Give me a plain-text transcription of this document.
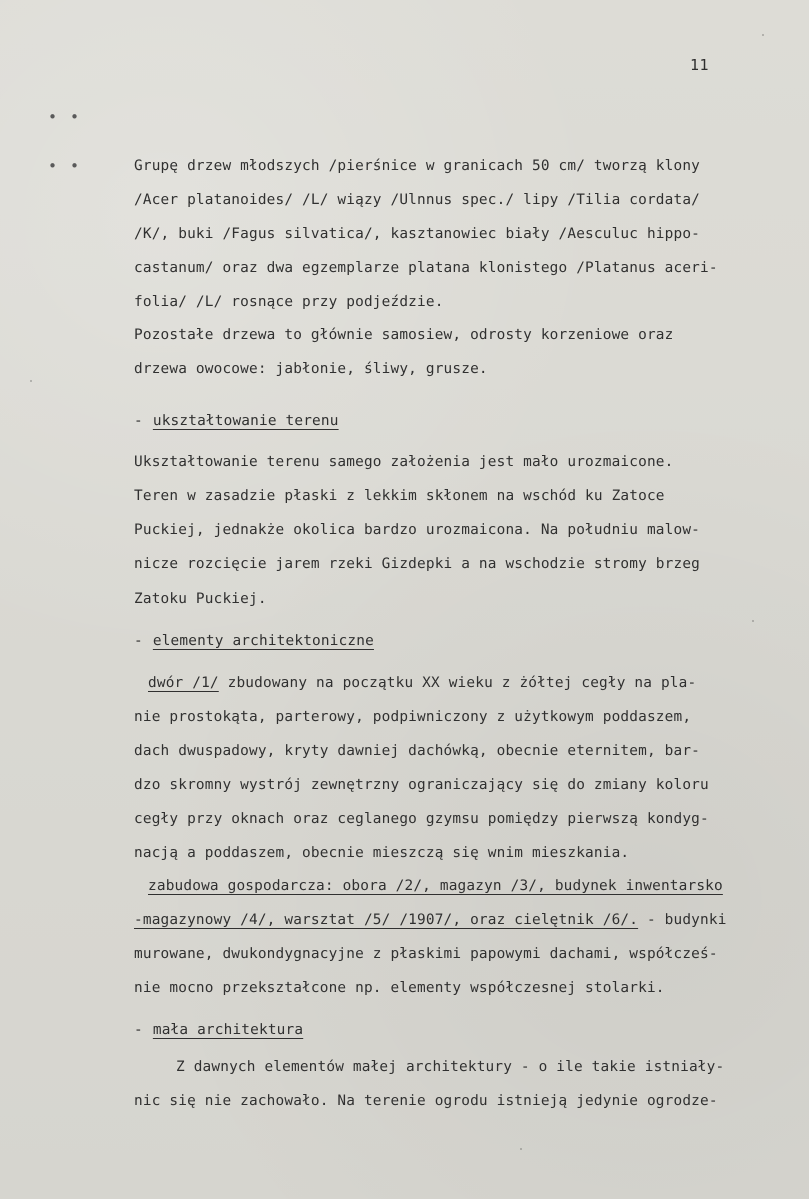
11
• •
• •	Grupę drzew młodszych /pierśnice w granicach 50 cm/ tworzą klony

/Acer platanoides/ /L/ wiązy /Ulnnus spec./ lipy /Tilia cordata/

/K/, buki /Fagus silvatica/, kasztanowiec biały /Aesculuc hippo-

castanum/ oraz dwa egzemplarze platana klonistego /Platanus aceri-

folia/ /L/ rosnące przy podjeździe.

Pozostałe drzewa to głównie samosiew, odrosty korzeniowe oraz

drzewa owocowe: jabłonie, śliwy, grusze.

- ukształtowanie terenu

Ukształtowanie terenu samego założenia jest mało urozmaicone.

Teren w zasadzie płaski z lekkim skłonem na wschód ku Zatoce

Puckiej, jednakże okolica bardzo urozmaicona. Na południu malow-

nicze rozcięcie jarem rzeki Gizdepki a na wschodzie stromy brzeg

Zatoku Puckiej.

- elementy architektoniczne

dwór /1/ zbudowany na początku XX wieku z żółtej cegły na pla-

nie prostokąta, parterowy, podpiwniczony z użytkowym poddaszem,

dach dwuspadowy, kryty dawniej dachówką, obecnie eternitem, bar-

dzo skromny wystrój zewnętrzny ograniczający się do zmiany koloru

cegły przy oknach oraz ceglanego gzymsu pomiędzy pierwszą kondyg-

nacją a poddaszem, obecnie mieszczą się wnim mieszkania.

zabudowa gospodarcza: obora /2/, magazyn /3/, budynek inwentarsko

-magazynowy /4/, warsztat /5/ /1907/, oraz cielętnik /6/. - budynki

murowane, dwukondygnacyjne z płaskimi papowymi dachami, współcześ-

nie mocno przekształcone np. elementy współczesnej stolarki.

- mała architektura

Z dawnych elementów małej architektury - o ile takie istniały-

nic się nie zachowało. Na terenie ogrodu istnieją jedynie ogrodze-
